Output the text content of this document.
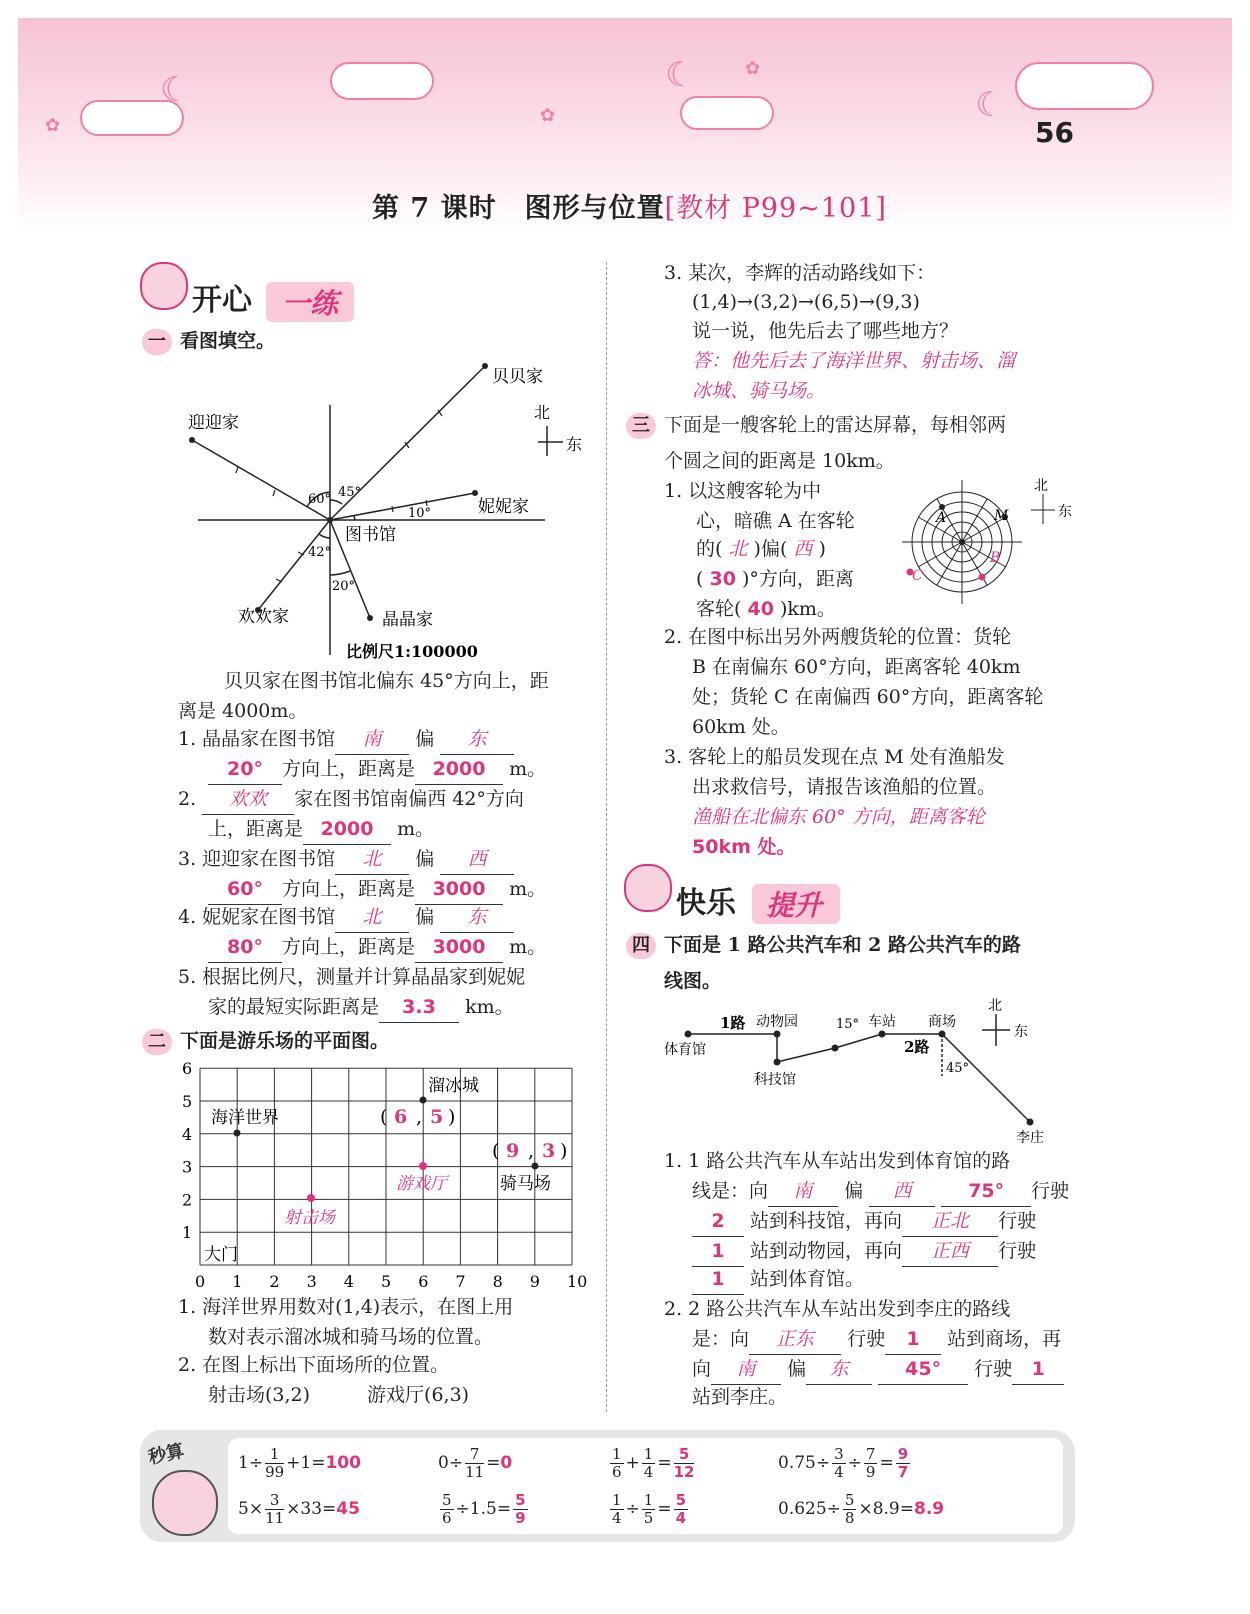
☾	☾
☾
✿	✿
✿
56
第 7 课时　图形与位置[教材 P99~101]
开心 一练
一 看图填空。
贝贝家
迎迎家
妮妮家
图书馆
欢欢家	晶晶家
北
东
60° 45°
10°
42°
20°
比例尺1:100000
贝贝家在图书馆北偏东 45°方向上，距
离是 4000m。
1. 晶晶家在图书馆 南 偏 东
20° 方向上，距离是 2000 m。
2. 欢欢 家在图书馆南偏西 42°方向
上，距离是 2000 m。
3. 迎迎家在图书馆 北 偏 西
60° 方向上，距离是 3000 m。
4. 妮妮家在图书馆 北 偏 东
80° 方向上，距离是 3000 m。
5. 根据比例尺，测量并计算晶晶家到妮妮
家的最短实际距离是 3.3 km。
二 下面是游乐场的平面图。
0 1 2 3 4 5 6 7 8 9 10
1
2
3
4
5
6
海洋世界
溜冰城
骑马场
大门
射击场
游戏厅
( 6 , 5 )
( 9 , 3 )
1. 海洋世界用数对(1,4)表示，在图上用
数对表示溜冰城和骑马场的位置。
2. 在图上标出下面场所的位置。
射击场(3,2)　　　游戏厅(6,3)
3. 某次，李辉的活动路线如下：
(1,4)→(3,2)→(6,5)→(9,3)
说一说，他先后去了哪些地方？
答：他先后去了海洋世界、射击场、溜
冰城、骑马场。
三 下面是一艘客轮上的雷达屏幕，每相邻两
个圆之间的距离是 10km。
1. 以这艘客轮为中
心，暗礁 A 在客轮
的( 北 )偏( 西 )
( 30 )°方向，距离
客轮( 40 )km。
A	M
B
C
北
东
2. 在图中标出另外两艘货轮的位置：货轮
B 在南偏东 60°方向，距离客轮 40km
处；货轮 C 在南偏西 60°方向，距离客轮
60km 处。
3. 客轮上的船员发现在点 M 处有渔船发
出求救信号，请报告该渔船的位置。
渔船在北偏东 60° 方向，距离客轮
50km 处。
快乐 提升
四 下面是 1 路公共汽车和 2 路公共汽车的路
线图。
1路
2路
动物园
体育馆
科技馆
15° 车站 商场
45°
李庄
北
东
1. 1 路公共汽车从车站出发到体育馆的路
线是：向 南 偏 西	75° 行驶
2 站到科技馆，再向 正北 行驶
1 站到动物园，再向 正西 行驶
1 站到体育馆。
2. 2 路公共汽车从车站出发到李庄的路线
是：向 正东 行驶 1 站到商场，再
向 南 偏 东	45° 行驶 1
站到李庄。
秒算	$1\div \frac{1}{99} +1=100$	$0\div \frac{7}{11} =0$	$\frac{1}{6} + \frac{1}{4} = \frac{5}{12}$	$0.75\div \frac{3}{4} \div \frac{7}{9} = \frac{9}{7}$
$5\times \frac{3}{11} \times 33=45$	$\frac{5}{6} \div 1.5= \frac{5}{9}$	$\frac{1}{4} \div \frac{1}{5} = \frac{5}{4}$	$0.625\div \frac{5}{8} \times 8.9=8.9$
